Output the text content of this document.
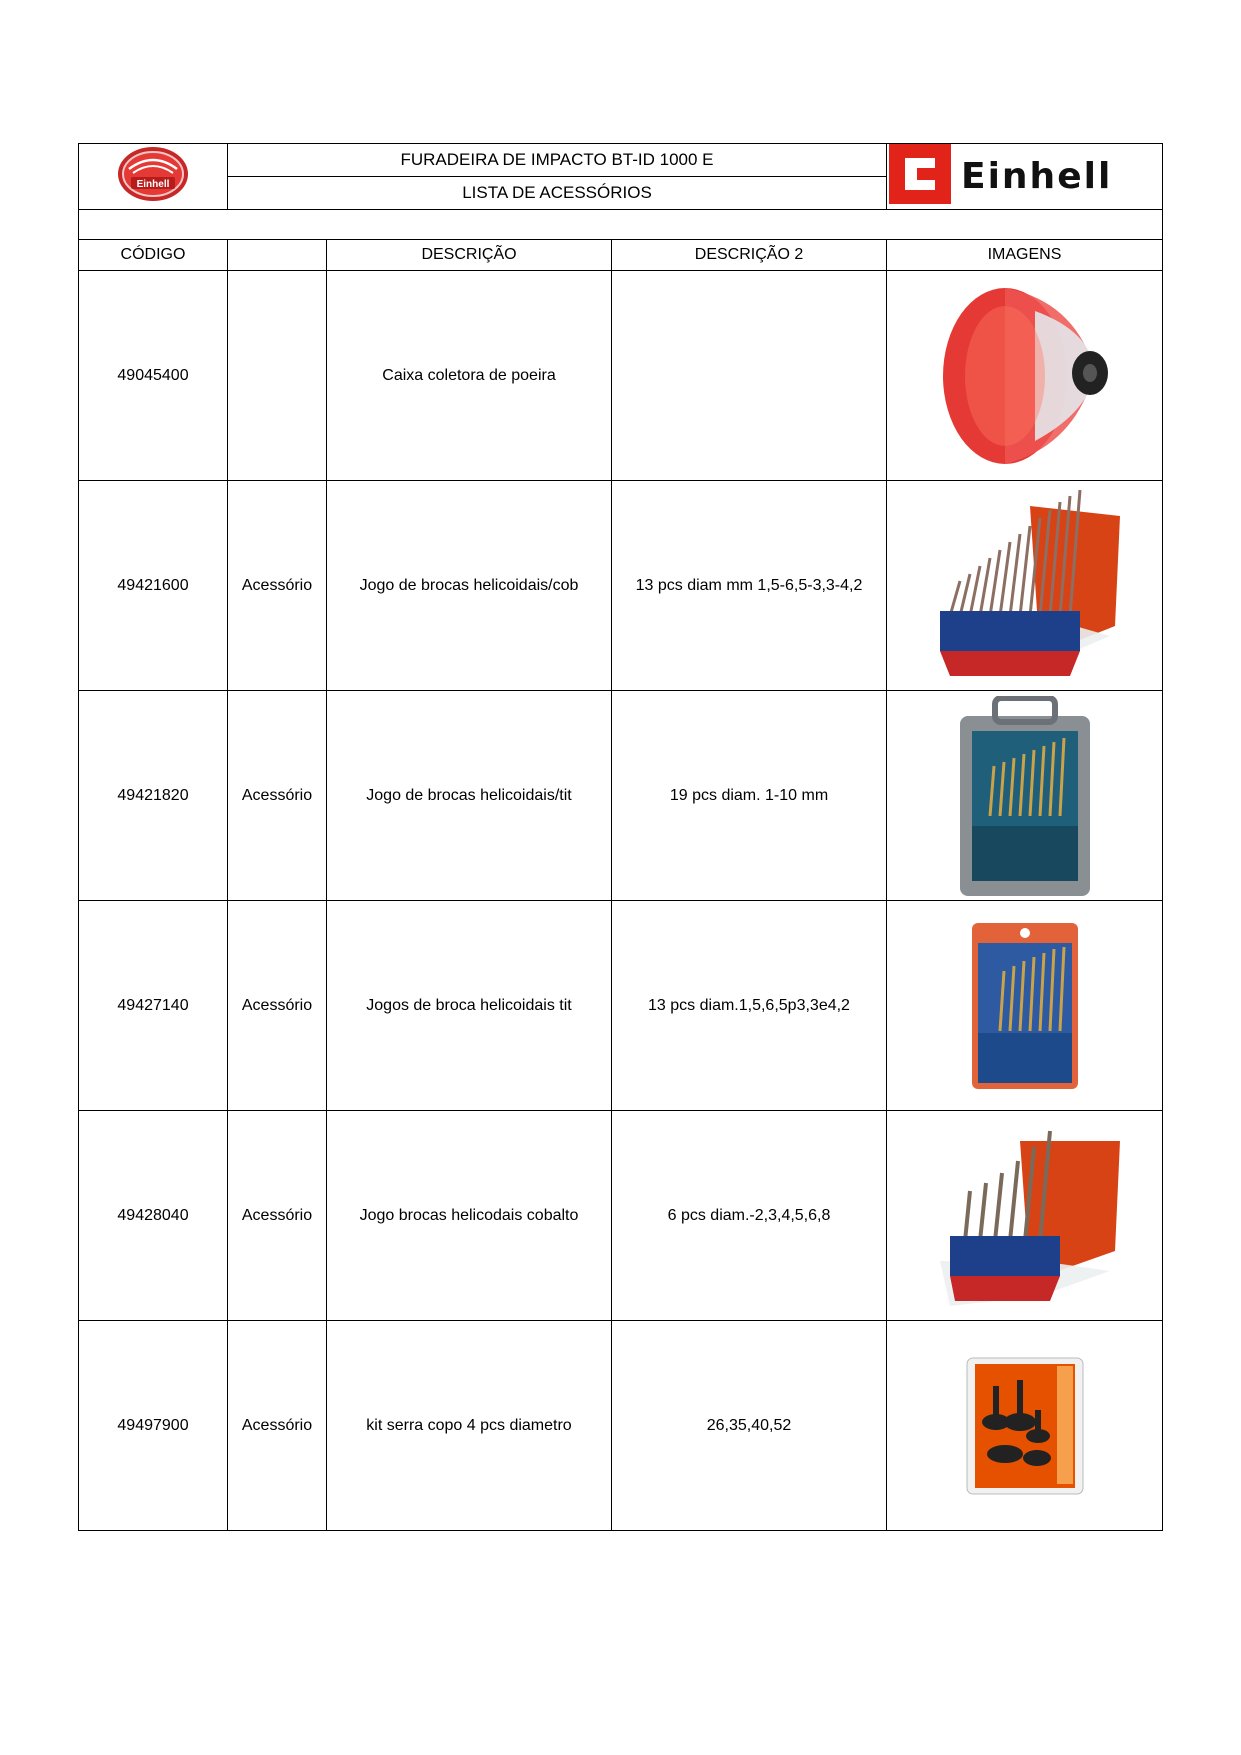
Einhell	FURADEIRA DE IMPACTO BT-ID 1000 E			Einhell

	LISTA DE ACESSÓRIOS			

CÓDIGO		DESCRIÇÃO	DESCRIÇÃO 2	IMAGENS
49045400		Caixa coletora de poeira		

49421600	Acessório	Jogo de brocas helicoidais/cob	13 pcs diam mm 1,5-6,5-3,3-4,2	

49421820	Acessório	Jogo de brocas helicoidais/tit	19 pcs diam. 1-10 mm	

49427140	Acessório	Jogos de broca helicoidais tit	13 pcs diam.1,5,6,5p3,3e4,2	

49428040	Acessório	Jogo brocas helicodais cobalto	6 pcs diam.-2,3,4,5,6,8	

49497900	Acessório	kit serra copo 4 pcs diametro	26,35,40,52	
